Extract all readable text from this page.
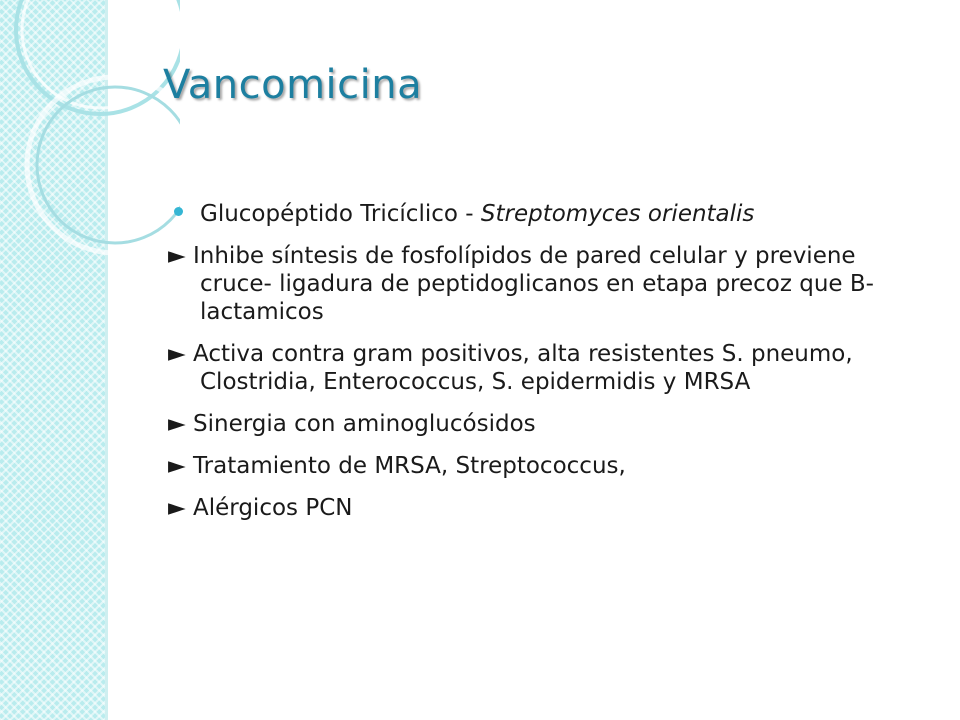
Vancomicina
Glucopéptido Tricíclico - Streptomyces orientalis
► Inhibe síntesis de fosfolípidos de pared celular y previene cruce- ligadura de peptidoglicanos en etapa precoz que B-lactamicos
► Activa contra gram positivos, alta resistentes S. pneumo, Clostridia, Enterococcus, S. epidermidis y MRSA
► Sinergia con aminoglucósidos
► Tratamiento de MRSA, Streptococcus,
► Alérgicos PCN
